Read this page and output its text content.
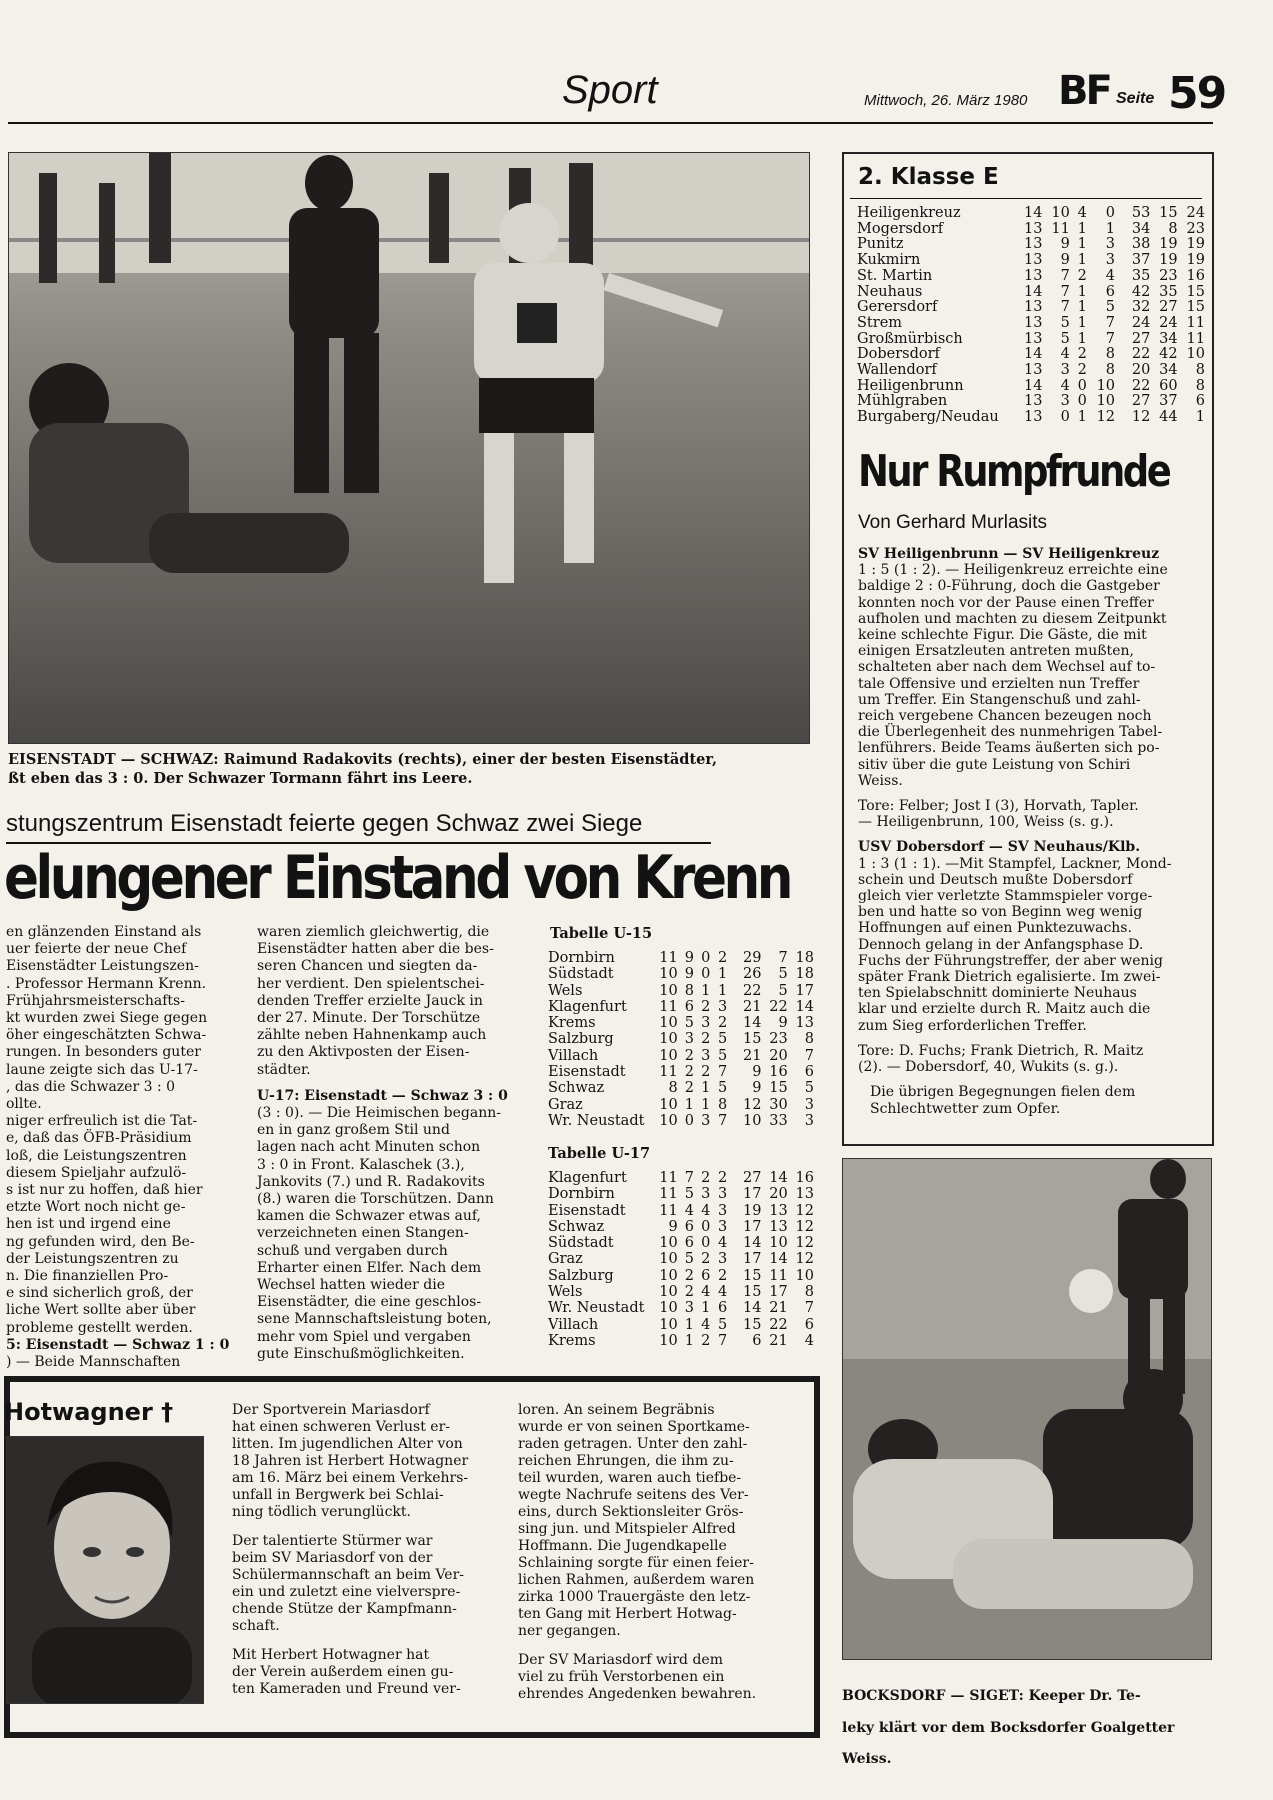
Sport	Mittwoch, 26. März 1980 BF Seite 59
EISENSTADT — SCHWAZ: Raimund Radakovits (rechts), einer der besten Eisenstädter,
ßt eben das 3 : 0. Der Schwazer Tormann fährt ins Leere.
stungszentrum Eisenstadt feierte gegen Schwaz zwei Siege
elungener Einstand von Krenn

en glänzenden Einstand als

uer feierte der neue Chef

Eisenstädter Leistungszen-

. Professor Hermann Krenn.

Frühjahrsmeisterschafts-

kt wurden zwei Siege gegen

öher eingeschätzten Schwa-

rungen. In besonders guter

laune zeigte sich das U-17-

, das die Schwazer 3 : 0

ollte.

niger erfreulich ist die Tat-

e, daß das ÖFB-Präsidium

loß, die Leistungszentren

diesem Spieljahr aufzulö-

s ist nur zu hoffen, daß hier

etzte Wort noch nicht ge-

hen ist und irgend eine

ng gefunden wird, den Be-

der Leistungszentren zu

n. Die finanziellen Pro-

e sind sicherlich groß, der

liche Wert sollte aber über

probleme gestellt werden.

5: Eisenstadt — Schwaz 1 : 0

) — Beide Mannschaften

waren ziemlich gleichwertig, die

Eisenstädter hatten aber die bes-

seren Chancen und siegten da-

her verdient. Den spielentschei-

denden Treffer erzielte Jauck in

der 27. Minute. Der Torschütze

zählte neben Hahnenkamp auch

zu den Aktivposten der Eisen-

städter.

U-17: Eisenstadt — Schwaz 3 : 0

(3 : 0). — Die Heimischen begann-

en in ganz großem Stil und

lagen nach acht Minuten schon

3 : 0 in Front. Kalaschek (3.),

Jankovits (7.) und R. Radakovits

(8.) waren die Torschützen. Dann

kamen die Schwazer etwas auf,

verzeichneten einen Stangen-

schuß und vergaben durch

Erharter einen Elfer. Nach dem

Wechsel hatten wieder die

Eisenstädter, die eine geschlos-

sene Mannschaftsleistung boten,

mehr vom Spiel und vergaben

gute Einschußmöglichkeiten.

Tabelle U-15
Dornbirn	11	9	0	2	29	7	18
Südstadt	10	9	0	1	26	5	18
Wels	10	8	1	1	22	5	17
Klagenfurt	11	6	2	3	21	22	14
Krems	10	5	3	2	14	9	13
Salzburg	10	3	2	5	15	23	8
Villach	10	2	3	5	21	20	7
Eisenstadt	11	2	2	7	9	16	6
Schwaz	8	2	1	5	9	15	5
Graz	10	1	1	8	12	30	3
Wr. Neustadt	10	0	3	7	10	33	3
Tabelle U-17
Klagenfurt	11	7	2	2	27	14	16
Dornbirn	11	5	3	3	17	20	13
Eisenstadt	11	4	4	3	19	13	12
Schwaz	9	6	0	3	17	13	12
Südstadt	10	6	0	4	14	10	12
Graz	10	5	2	3	17	14	12
Salzburg	10	2	6	2	15	11	10
Wels	10	2	4	4	15	17	8
Wr. Neustadt	10	3	1	6	14	21	7
Villach	10	1	4	5	15	22	6
Krems	10	1	2	7	6	21	4
2. Klasse E
Heiligenkreuz	14	10	4	0	53	15	24
Mogersdorf	13	11	1	1	34	8	23
Punitz	13	9	1	3	38	19	19
Kukmirn	13	9	1	3	37	19	19
St. Martin	13	7	2	4	35	23	16
Neuhaus	14	7	1	6	42	35	15
Gerersdorf	13	7	1	5	32	27	15
Strem	13	5	1	7	24	24	11
Großmürbisch	13	5	1	7	27	34	11
Dobersdorf	14	4	2	8	22	42	10
Wallendorf	13	3	2	8	20	34	8
Heiligenbrunn	14	4	0	10	22	60	8
Mühlgraben	13	3	0	10	27	37	6
Burgaberg/Neudau	13	0	1	12	12	44	1
Nur Rumpfrunde
Von Gerhard Murlasits

SV Heiligenbrunn — SV Heiligenkreuz

1 : 5 (1 : 2). — Heiligenkreuz erreichte eine

baldige 2 : 0-Führung, doch die Gastgeber

konnten noch vor der Pause einen Treffer

aufholen und machten zu diesem Zeitpunkt

keine schlechte Figur. Die Gäste, die mit

einigen Ersatzleuten antreten mußten,

schalteten aber nach dem Wechsel auf to-

tale Offensive und erzielten nun Treffer

um Treffer. Ein Stangenschuß und zahl-

reich vergebene Chancen bezeugen noch

die Überlegenheit des nunmehrigen Tabel-

lenführers. Beide Teams äußerten sich po-

sitiv über die gute Leistung von Schiri

Weiss.

Tore: Felber; Jost I (3), Horvath, Tapler.

— Heiligenbrunn, 100, Weiss (s. g.).

USV Dobersdorf — SV Neuhaus/Klb.

1 : 3 (1 : 1). —Mit Stampfel, Lackner, Mond-

schein und Deutsch mußte Dobersdorf

gleich vier verletzte Stammspieler vorge-

ben und hatte so von Beginn weg wenig

Hoffnungen auf einen Punktezuwachs.

Dennoch gelang in der Anfangsphase D.

Fuchs der Führungstreffer, der aber wenig

später Frank Dietrich egalisierte. Im zwei-

ten Spielabschnitt dominierte Neuhaus

klar und erzielte durch R. Maitz auch die

zum Sieg erforderlichen Treffer.

Tore: D. Fuchs; Frank Dietrich, R. Maitz

(2). — Dobersdorf, 40, Wukits (s. g.).

Die übrigen Begegnungen fielen dem

Schlechtwetter zum Opfer.

BOCKSDORF — SIGET: Keeper Dr. Te-

leky klärt vor dem Bocksdorfer Goalgetter

Weiss.

Hotwagner †	Der Sportverein Mariasdorf

hat einen schweren Verlust er-

litten. Im jugendlichen Alter von

18 Jahren ist Herbert Hotwagner

am 16. März bei einem Verkehrs-

unfall in Bergwerk bei Schlai-

ning tödlich verunglückt.

Der talentierte Stürmer war

beim SV Mariasdorf von der

Schülermannschaft an beim Ver-

ein und zuletzt eine vielverspre-

chende Stütze der Kampfmann-

schaft.

Mit Herbert Hotwagner hat

der Verein außerdem einen gu-

ten Kameraden und Freund ver-

loren. An seinem Begräbnis

wurde er von seinen Sportkame-

raden getragen. Unter den zahl-

reichen Ehrungen, die ihm zu-

teil wurden, waren auch tiefbe-

wegte Nachrufe seitens des Ver-

eins, durch Sektionsleiter Grös-

sing jun. und Mitspieler Alfred

Hoffmann. Die Jugendkapelle

Schlaining sorgte für einen feier-

lichen Rahmen, außerdem waren

zirka 1000 Trauergäste den letz-

ten Gang mit Herbert Hotwag-

ner gegangen.

Der SV Mariasdorf wird dem

viel zu früh Verstorbenen ein

ehrendes Angedenken bewahren.
